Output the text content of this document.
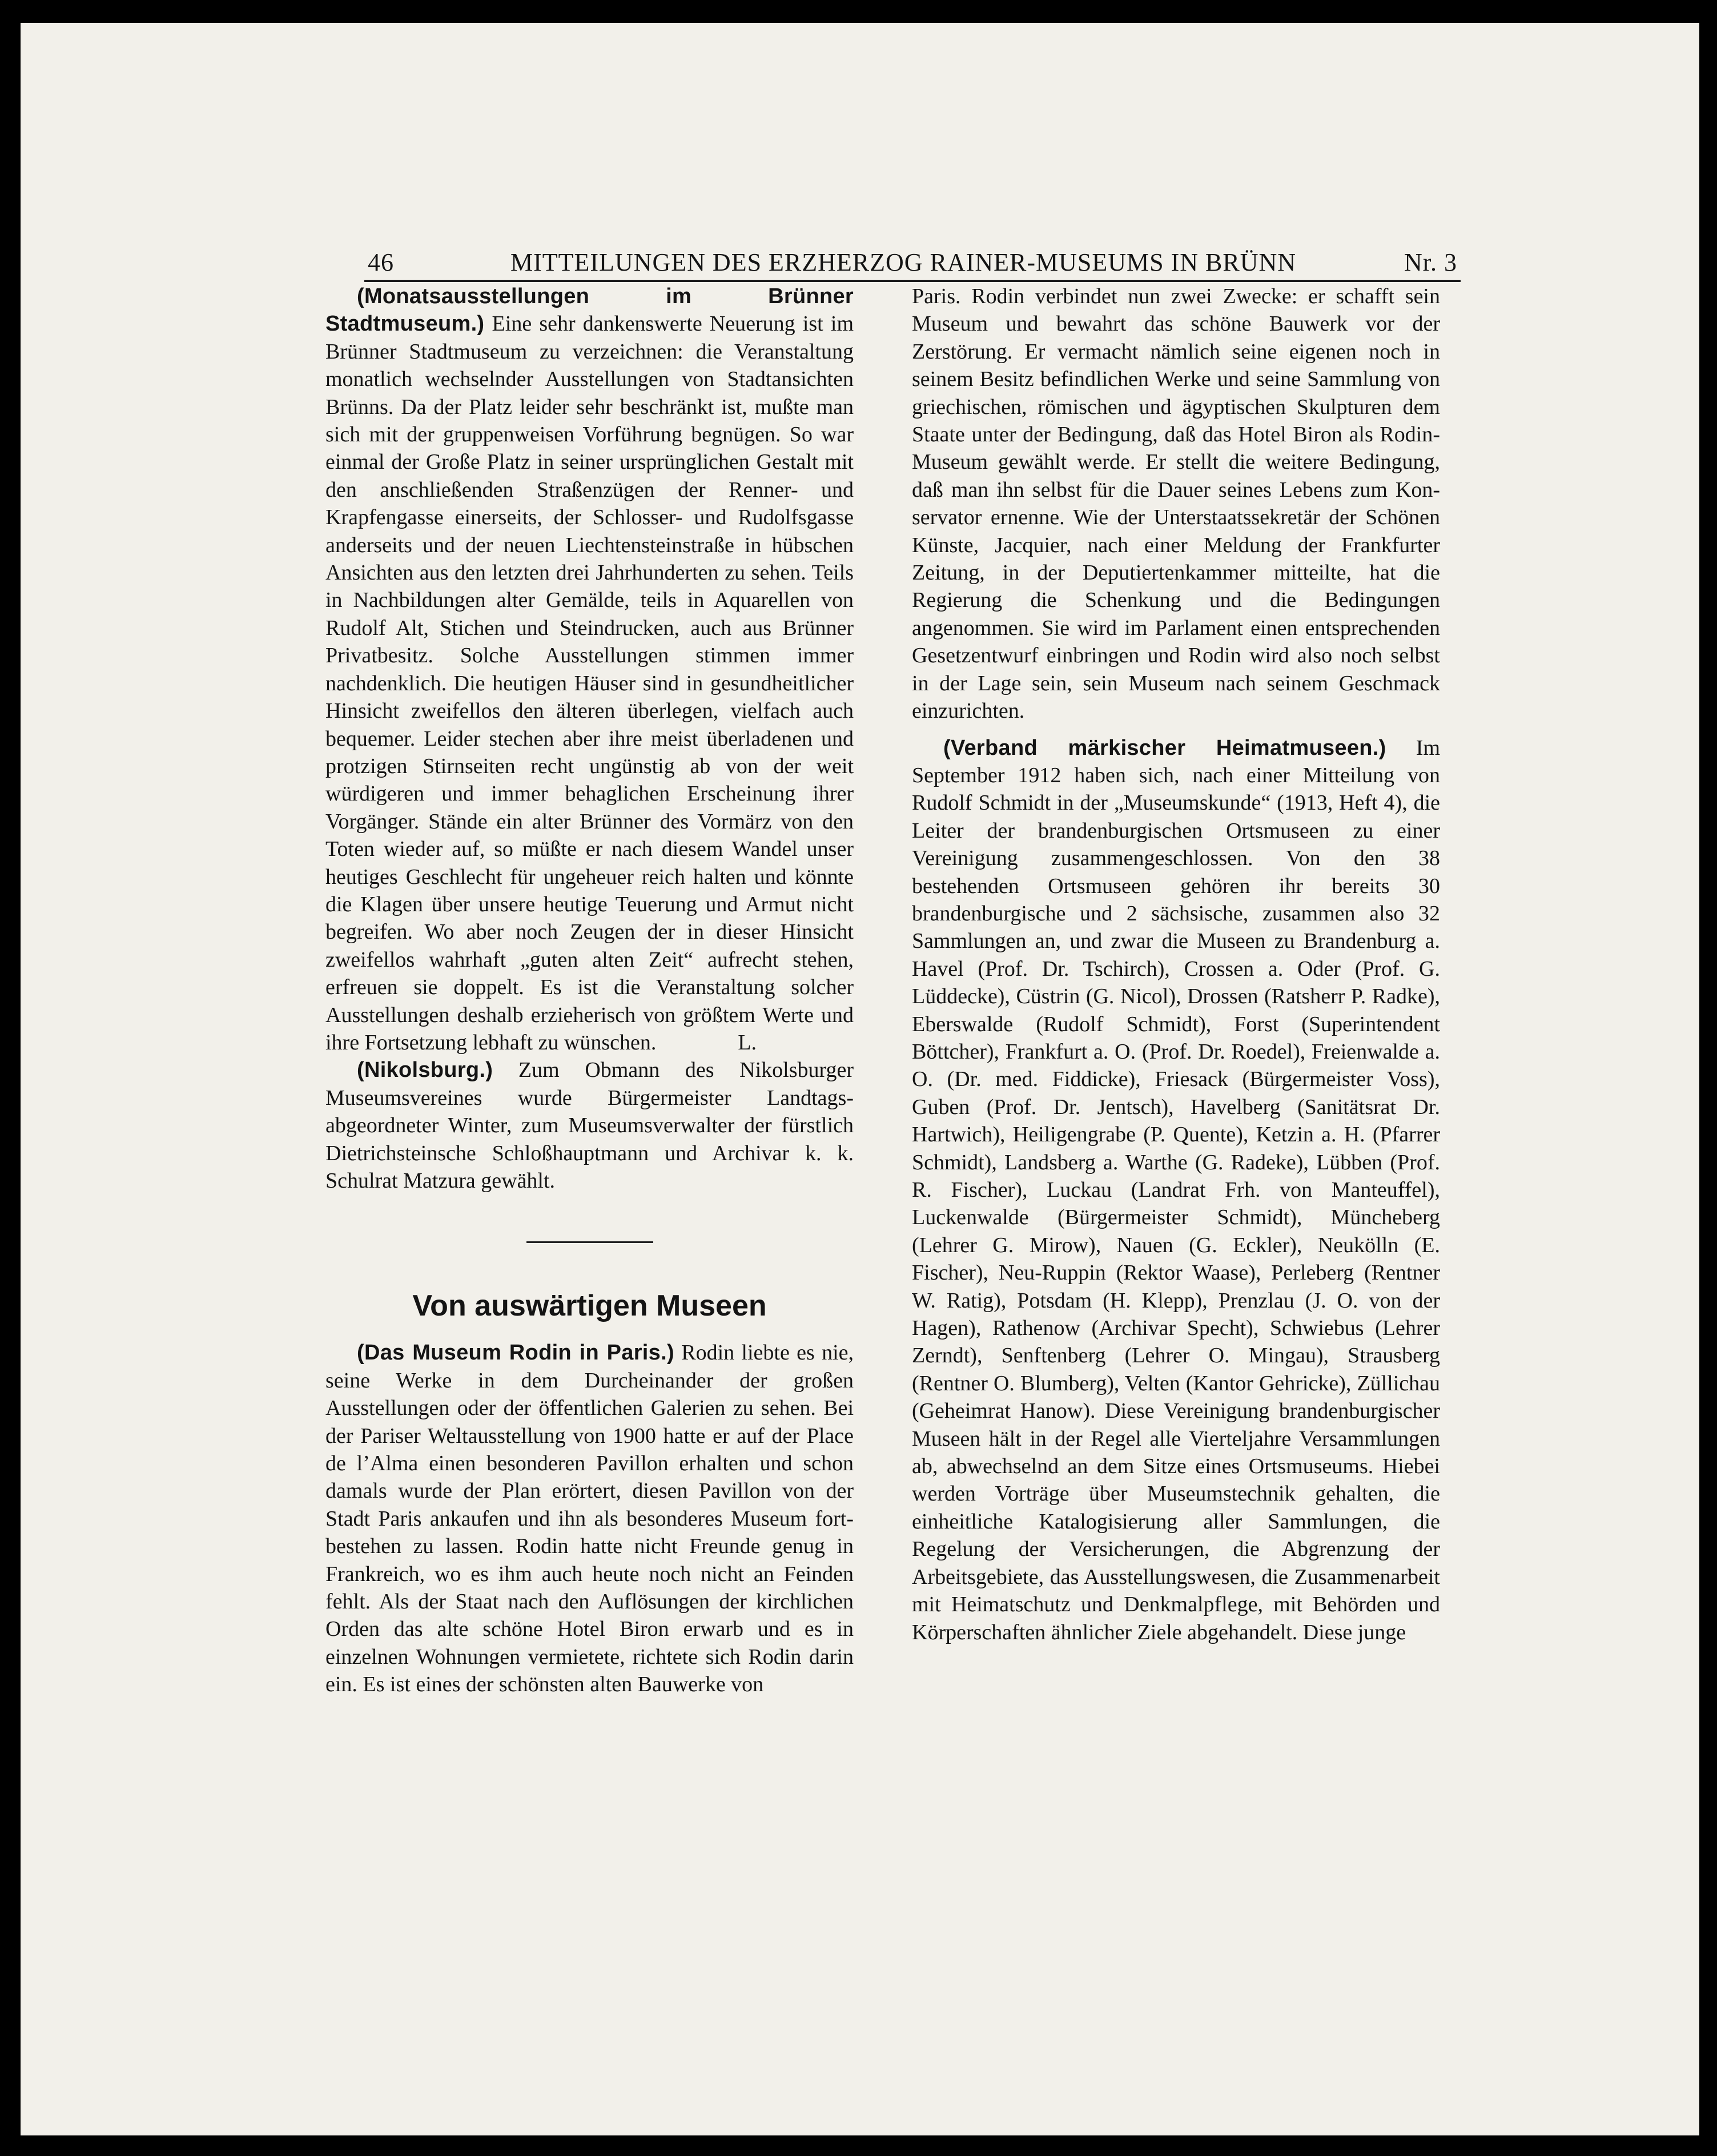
46	MITTEILUNGEN DES ERZHERZOG RAINER-MUSEUMS IN BRÜNN	Nr. 3

(Monatsausstellungen im Brünner Stadtmuseum.) Eine sehr dankenswerte Neuerung ist im Brünner Stadtmuseum zu verzeichnen: die Veranstaltung monatlich wechselnder Ausstellungen von Stadtansichten Brünns. Da der Platz leider sehr beschränkt ist, mußte man sich mit der gruppenweisen Vorführung begnügen. So war einmal der Große Platz in seiner ursprünglichen Gestalt mit den anschließenden Straßenzügen der Renner- und Krapfengasse einerseits, der Schlosser- und Rudolfsgasse anderseits und der neuen Liechtensteinstraße in hübschen Ansichten aus den letzten drei Jahrhunderten zu sehen. Teils in Nachbildungen alter Gemälde, teils in Aquarellen von Rudolf Alt, Stichen und Steindrucken, auch aus Brünner Privatbesitz. Solche Ausstellungen stimmen immer nachdenklich. Die heutigen Häuser sind in gesundheitlicher Hinsicht zweifellos den älteren überlegen, vielfach auch bequemer. Leider stechen aber ihre meist überladenen und protzigen Stirnseiten recht ungünstig ab von der weit würdigeren und immer behaglichen Erscheinung ihrer Vorgänger. Stände ein alter Brünner des Vormärz von den Toten wieder auf, so müßte er nach diesem Wandel unser heutiges Geschlecht für ungeheuer reich halten und könnte die Klagen über unsere heutige Teuerung und Armut nicht begreifen. Wo aber noch Zeugen der in dieser Hinsicht zweifellos wahrhaft „guten alten Zeit“ aufrecht stehen, erfreuen sie doppelt. Es ist die Veranstaltung solcher Ausstellungen deshalb erzieherisch von größtem Werte und ihre Fortsetzung lebhaft zu wünschen.	L.

(Nikolsburg.) Zum Obmann des Nikolsburger Museumsvereines wurde Bürgermeister Landtagsabgeordneter Winter, zum Museumsverwalter der fürstlich Dietrichsteinsche Schloßhauptmann und Archivar k. k. Schulrat Matzura gewählt.

Von auswärtigen Museen

(Das Museum Rodin in Paris.) Rodin liebte es nie, seine Werke in dem Durcheinander der großen Ausstellungen oder der öffentlichen Galerien zu sehen. Bei der Pariser Weltausstellung von 1900 hatte er auf der Place de l’Alma einen besonderen Pavillon erhalten und schon damals wurde der Plan erörtert, diesen Pavillon von der Stadt Paris ankaufen und ihn als besonderes Museum fortbestehen zu lassen. Rodin hatte nicht Freunde genug in Frankreich, wo es ihm auch heute noch nicht an Feinden fehlt. Als der Staat nach den Auflösungen der kirchlichen Orden das alte schöne Hotel Biron erwarb und es in einzelnen Wohnungen vermietete, richtete sich Rodin darin ein. Es ist eines der schönsten alten Bauwerke von

Paris. Rodin verbindet nun zwei Zwecke: er schafft sein Museum und bewahrt das schöne Bauwerk vor der Zerstörung. Er vermacht nämlich seine eigenen noch in seinem Besitz befindlichen Werke und seine Sammlung von griechischen, römischen und ägyptischen Skulpturen dem Staate unter der Bedingung, daß das Hotel Biron als Rodin-Museum gewählt werde. Er stellt die weitere Bedingung, daß man ihn selbst für die Dauer seines Lebens zum Konservator ernenne. Wie der Unterstaatssekretär der Schönen Künste, Jacquier, nach einer Meldung der Frankfurter Zeitung, in der Deputiertenkammer mitteilte, hat die Regierung die Schenkung und die Bedingungen angenommen. Sie wird im Parlament einen entsprechenden Gesetzentwurf einbringen und Rodin wird also noch selbst in der Lage sein, sein Museum nach seinem Geschmack einzurichten.

(Verband märkischer Heimatmuseen.) Im September 1912 haben sich, nach einer Mitteilung von Rudolf Schmidt in der „Museumskunde“ (1913, Heft 4), die Leiter der brandenburgischen Ortsmuseen zu einer Vereinigung zusammengeschlossen. Von den 38 bestehenden Ortsmuseen gehören ihr bereits 30 brandenburgische und 2 sächsische, zusammen also 32 Sammlungen an, und zwar die Museen zu Brandenburg a. Havel (Prof. Dr. Tschirch), Crossen a. Oder (Prof. G. Lüddecke), Cüstrin (G. Nicol), Drossen (Ratsherr P. Radke), Eberswalde (Rudolf Schmidt), Forst (Superintendent Böttcher), Frankfurt a. O. (Prof. Dr. Roedel), Freienwalde a. O. (Dr. med. Fiddicke), Friesack (Bürgermeister Voss), Guben (Prof. Dr. Jentsch), Havelberg (Sanitätsrat Dr. Hartwich), Heiligengrabe (P. Quente), Ketzin a. H. (Pfarrer Schmidt), Landsberg a. Warthe (G. Radeke), Lübben (Prof. R. Fischer), Luckau (Landrat Frh. von Manteuffel), Luckenwalde (Bürgermeister Schmidt), Müncheberg (Lehrer G. Mirow), Nauen (G. Eckler), Neukölln (E. Fischer), Neu-Ruppin (Rektor Waase), Perleberg (Rentner W. Ratig), Potsdam (H. Klepp), Prenzlau (J. O. von der Hagen), Rathenow (Archivar Specht), Schwiebus (Lehrer Zerndt), Senftenberg (Lehrer O. Mingau), Strausberg (Rentner O. Blumberg), Velten (Kantor Gehricke), Züllichau (Geheimrat Hanow). Diese Vereinigung brandenburgischer Museen hält in der Regel alle Vierteljahre Versammlungen ab, abwechselnd an dem Sitze eines Ortsmuseums. Hiebei werden Vorträge über Museumstechnik gehalten, die einheitliche Katalogisierung aller Sammlungen, die Regelung der Versicherungen, die Abgrenzung der Arbeitsgebiete, das Ausstellungswesen, die Zusammenarbeit mit Heimatschutz und Denkmalpflege, mit Behörden und Körperschaften ähnlicher Ziele abgehandelt. Diese junge
